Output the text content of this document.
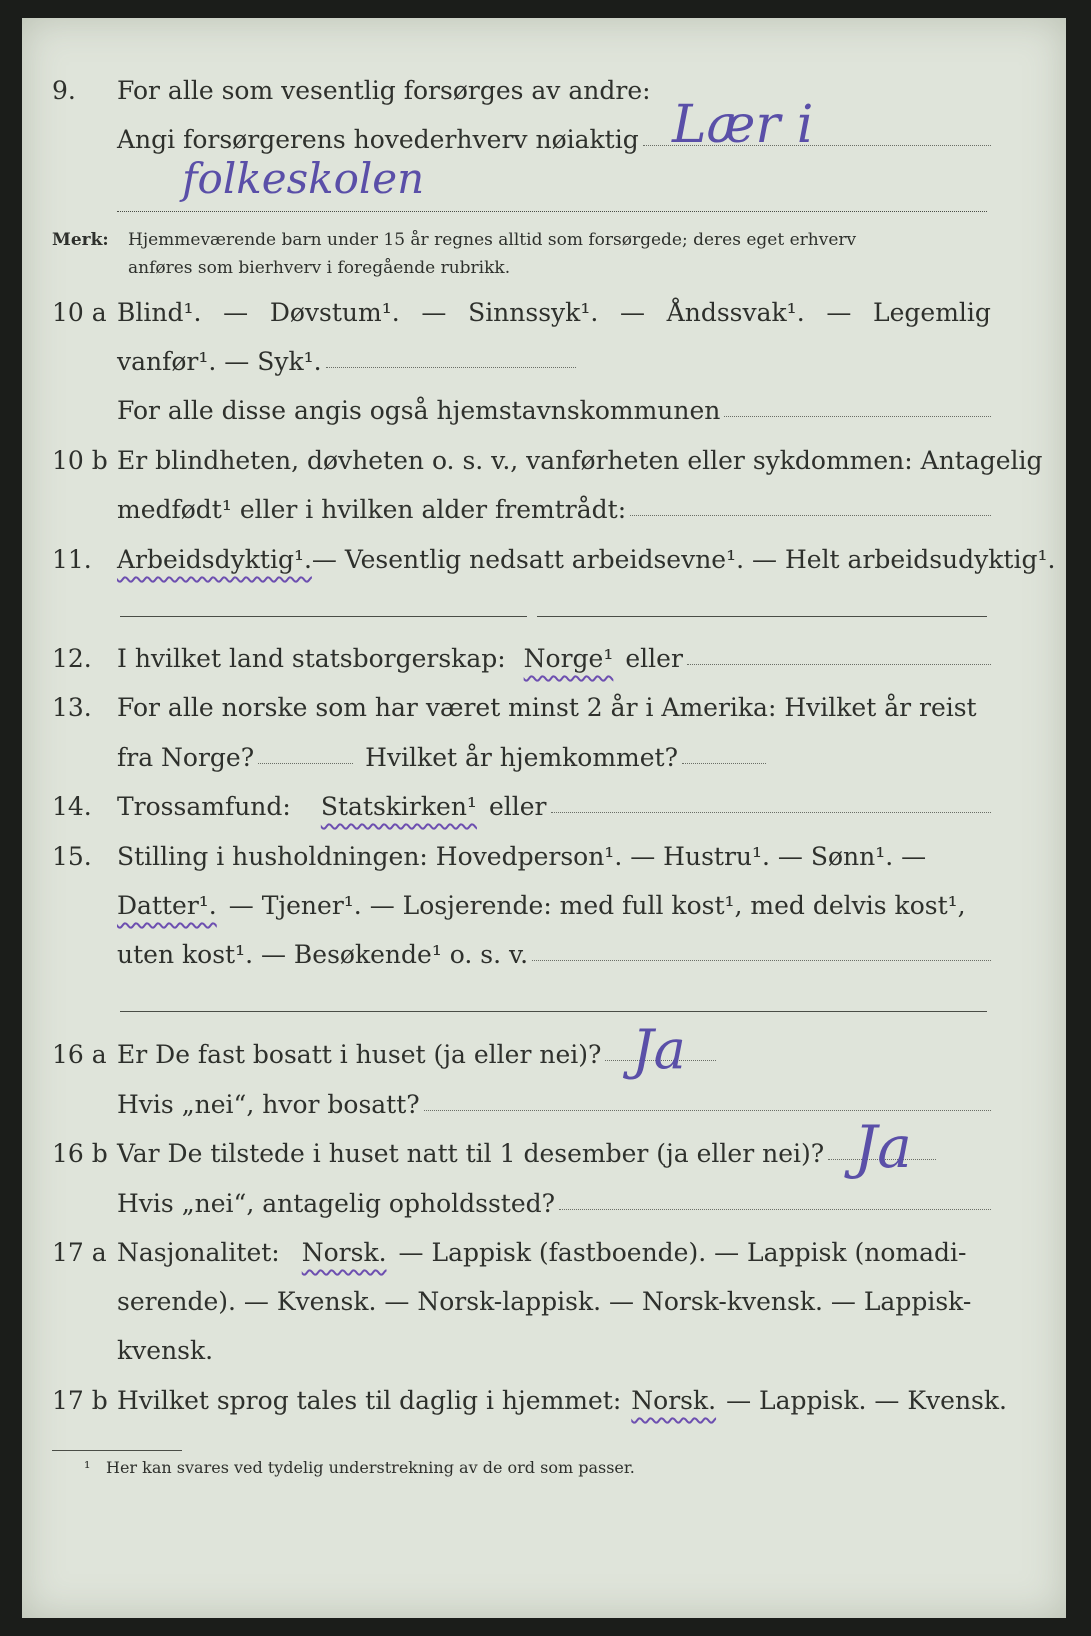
9. For alle som vesentlig forsørges av andre:
Angi forsørgerens hovederhverv nøiaktig Lær i
folkeskolen
Merk: Hjemmeværende barn under 15 år regnes alltid som forsørgede; deres eget erhverv
anføres som bierhverv i foregående rubrikk.
10 a Blind¹. — Døvstum¹. — Sinnssyk¹. — Åndssvak¹. — Legemlig
vanfør¹. — Syk¹.
For alle disse angis også hjemstavnskommunen
10 b Er blindheten, døvheten o. s. v., vanførheten eller sykdommen: Antagelig
medfødt¹ eller i hvilken alder fremtrådt:
11. Arbeidsdyktig¹. — Vesentlig nedsatt arbeidsevne¹. — Helt arbeidsudyktig¹.
12. I hvilket land statsborgerskap: Norge¹ eller
13. For alle norske som har været minst 2 år i Amerika: Hvilket år reist
fra Norge?	Hvilket år hjemkommet?
14. Trossamfund: Statskirken¹ eller
15. Stilling i husholdningen: Hovedperson¹. — Hustru¹. — Sønn¹. —
Datter¹. — Tjener¹. — Losjerende: med full kost¹, med delvis kost¹,
uten kost¹. — Besøkende¹ o. s. v.
16 a Er De fast bosatt i huset (ja eller nei)? Ja
Hvis „nei“, hvor bosatt?
16 b Var De tilstede i huset natt til 1 desember (ja eller nei)? Ja
Hvis „nei“, antagelig opholdssted?
17 a Nasjonalitet: Norsk. — Lappisk (fastboende). — Lappisk (nomadi-
serende). — Kvensk. — Norsk-lappisk. — Norsk-kvensk. — Lappisk-
kvensk.
17 b Hvilket sprog tales til daglig i hjemmet: Norsk. — Lappisk. — Kvensk.
¹ Her kan svares ved tydelig understrekning av de ord som passer.
